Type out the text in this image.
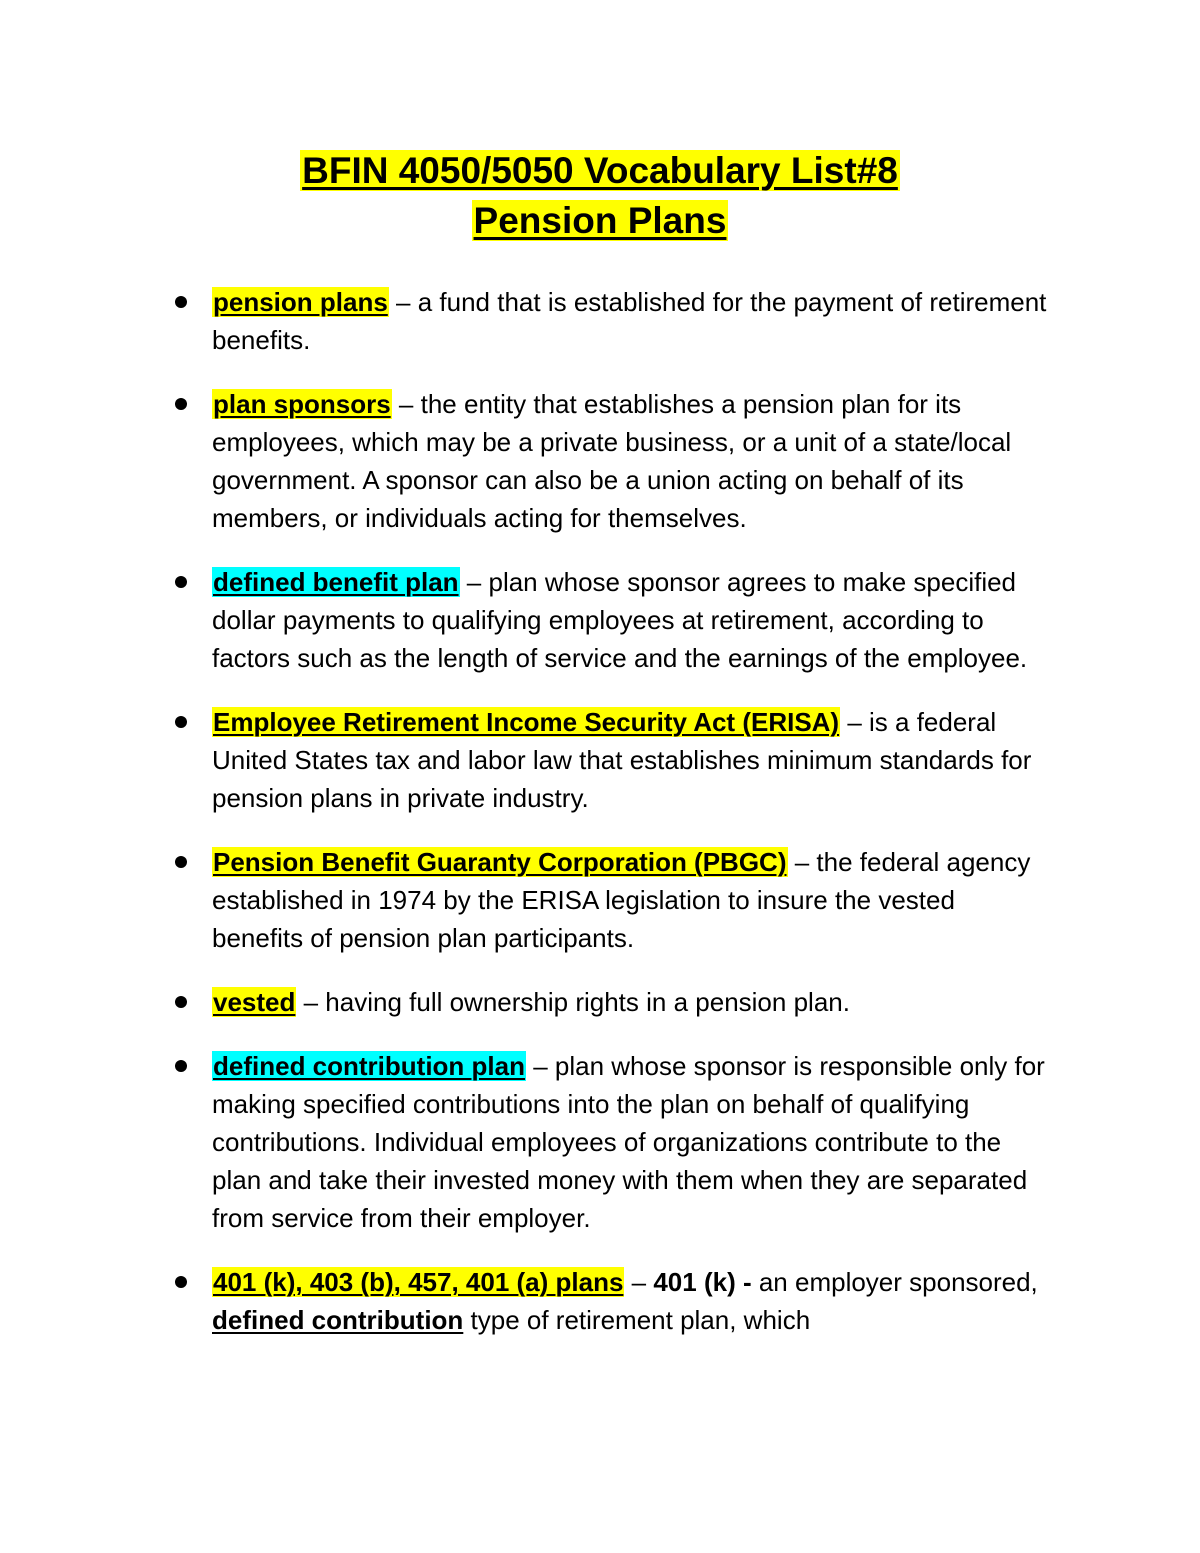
BFIN 4050/5050 Vocabulary List#8

Pension Plans

pension plans – a fund that is established for the payment of retirement benefits.
plan sponsors – the entity that establishes a pension plan for its employees, which may be a private business, or a unit of a state/local government. A sponsor can also be a union acting on behalf of its members, or individuals acting for themselves.
defined benefit plan – plan whose sponsor agrees to make specified dollar payments to qualifying employees at retirement, according to factors such as the length of service and the earnings of the employee.
Employee Retirement Income Security Act (ERISA) – is a federal United States tax and labor law that establishes minimum standards for pension plans in private industry.
Pension Benefit Guaranty Corporation (PBGC) – the federal agency established in 1974 by the ERISA legislation to insure the vested benefits of pension plan participants.
vested – having full ownership rights in a pension plan.
defined contribution plan – plan whose sponsor is responsible only for making specified contributions into the plan on behalf of qualifying contributions. Individual employees of organizations contribute to the plan and take their invested money with them when they are separated from service from their employer.
401 (k), 403 (b), 457, 401 (a) plans – 401 (k) - an employer sponsored, defined contribution type of retirement plan, which
